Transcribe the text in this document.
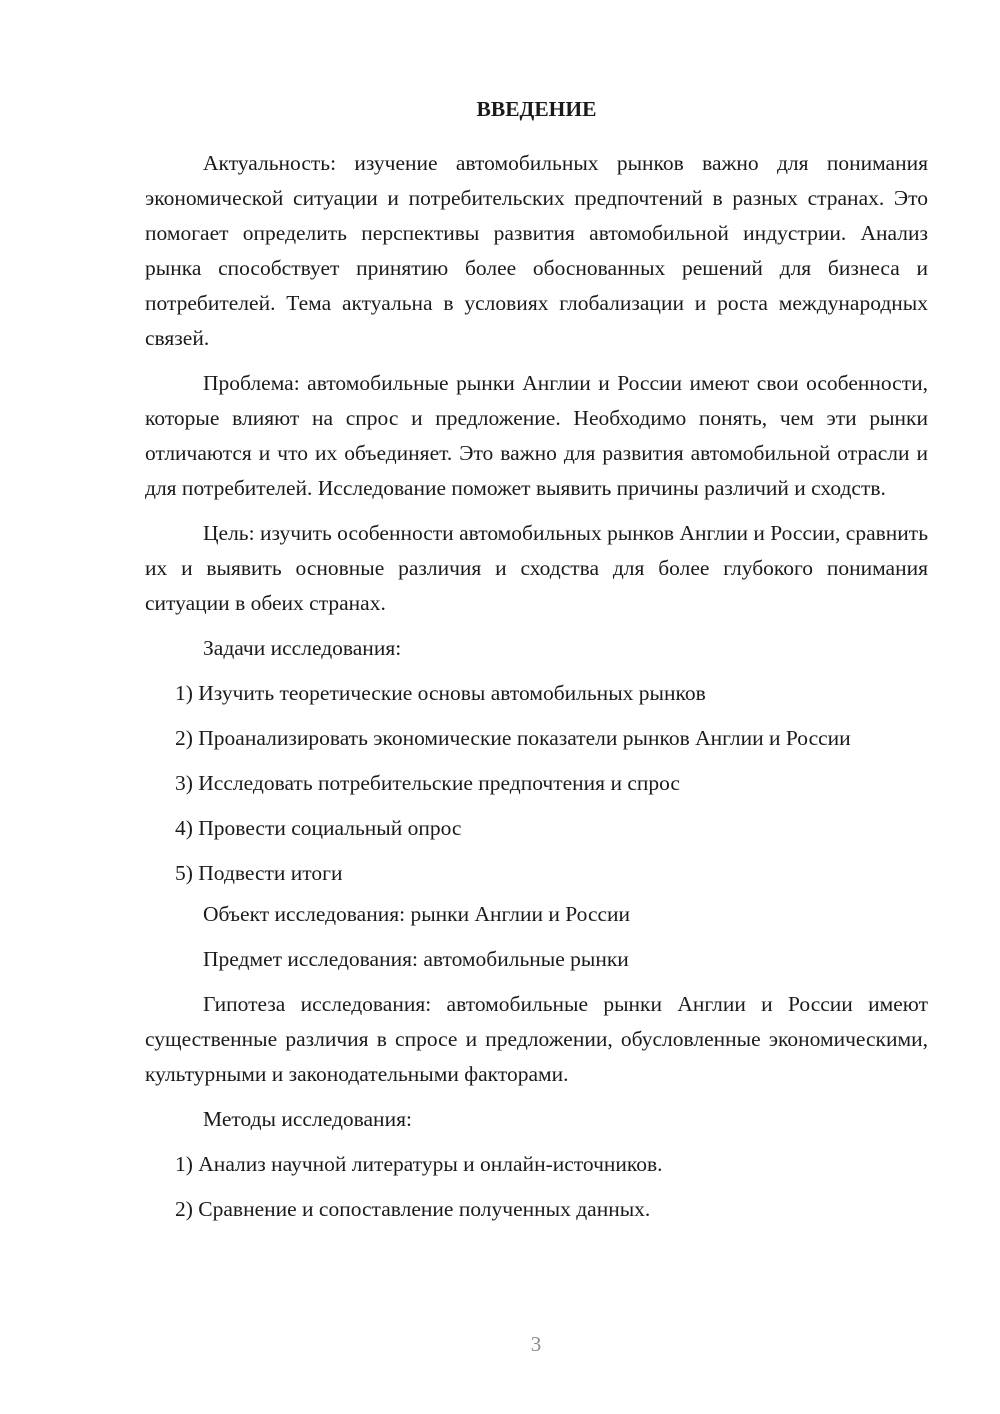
ВВЕДЕНИЕ

Актуальность: изучение автомобильных рынков важно для понимания экономической ситуации и потребительских предпочтений в разных странах. Это помогает определить перспективы развития автомобильной индустрии. Анализ рынка способствует принятию более обоснованных решений для бизнеса и потребителей. Тема актуальна в условиях глобализации и роста международных связей.

Проблема: автомобильные рынки Англии и России имеют свои особенности, которые влияют на спрос и предложение. Необходимо понять, чем эти рынки отличаются и что их объединяет. Это важно для развития автомобильной отрасли и для потребителей. Исследование поможет выявить причины различий и сходств.

Цель: изучить особенности автомобильных рынков Англии и России, сравнить их и выявить основные различия и сходства для более глубокого понимания ситуации в обеих странах.

Задачи исследования:

1) Изучить теоретические основы автомобильных рынков

2) Проанализировать экономические показатели рынков Англии и России

3) Исследовать потребительские предпочтения и спрос

4) Провести социальный опрос

5) Подвести итоги

Объект исследования: рынки Англии и России

Предмет исследования: автомобильные рынки

Гипотеза исследования: автомобильные рынки Англии и России имеют существенные различия в спросе и предложении, обусловленные экономическими, культурными и законодательными факторами.

Методы исследования:

1) Анализ научной литературы и онлайн-источников.

2) Сравнение и сопоставление полученных данных.

3
